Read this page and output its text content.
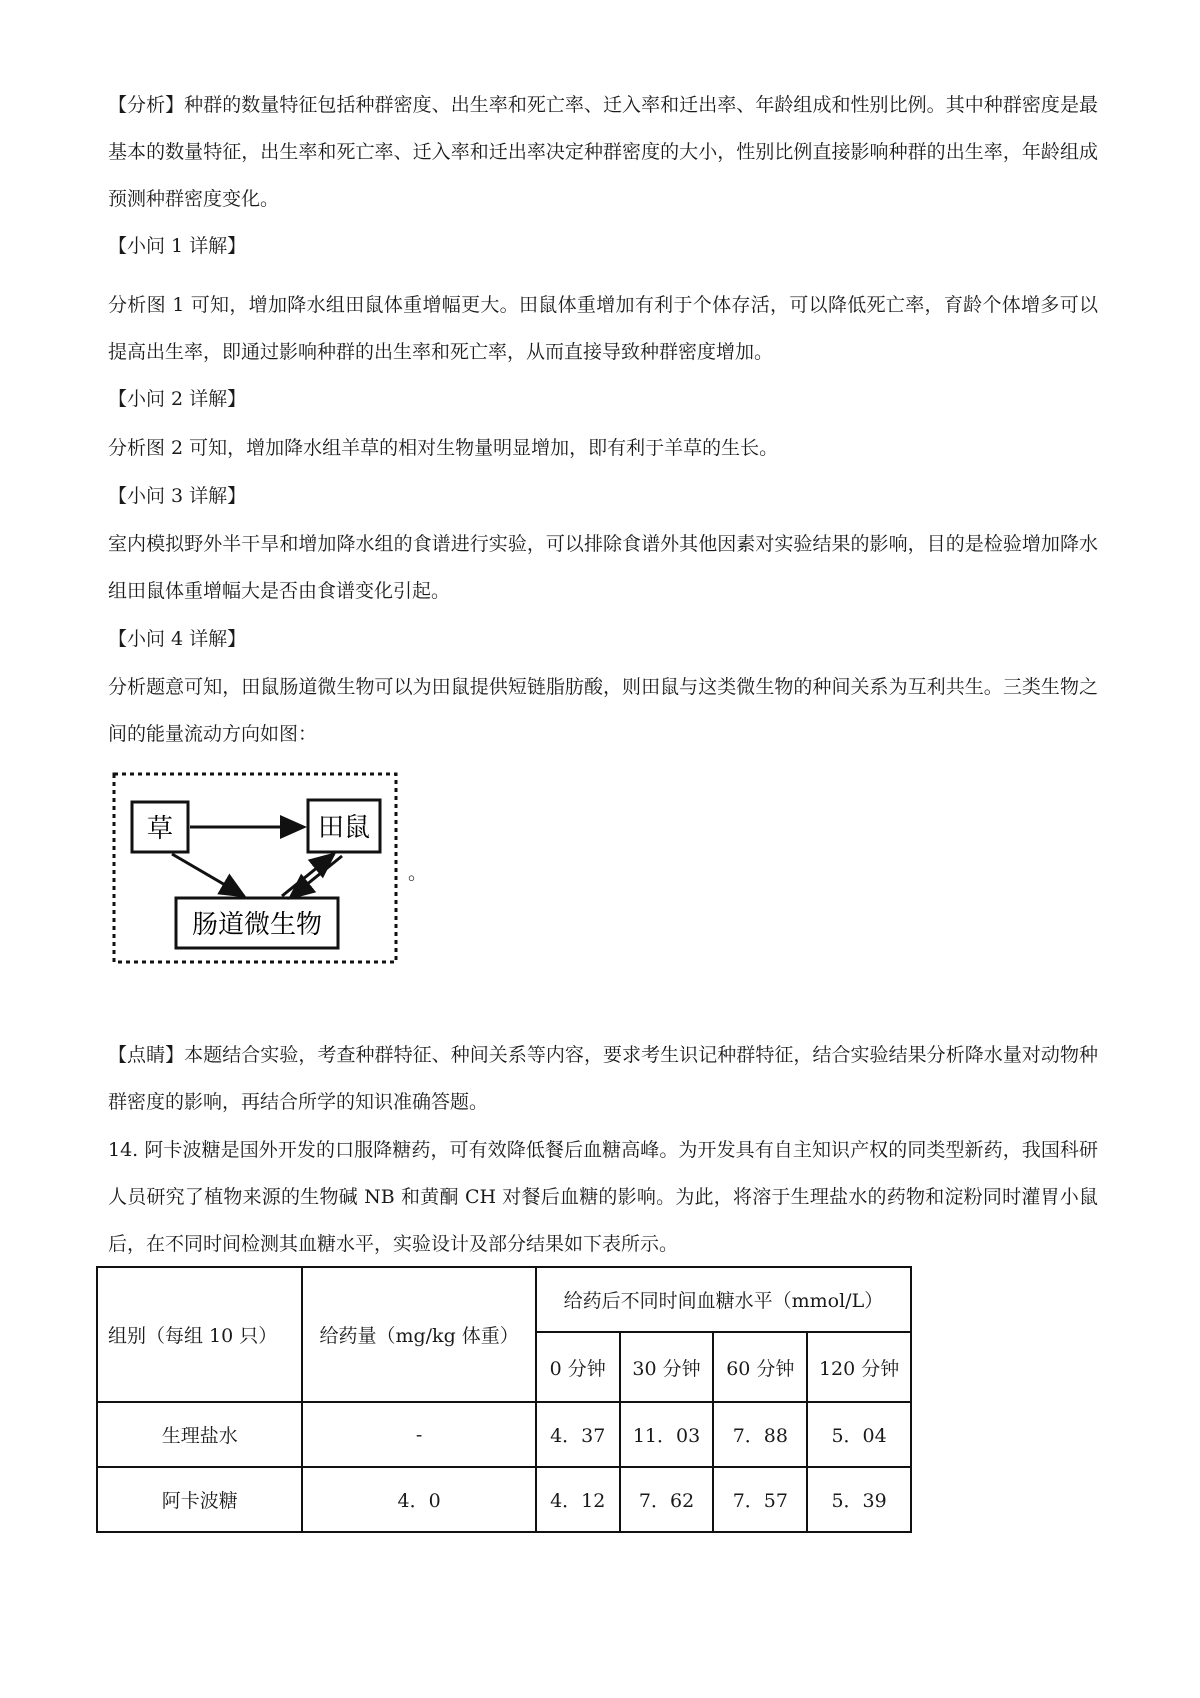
【分析】种群的数量特征包括种群密度、出生率和死亡率、迁入率和迁出率、年龄组成和性别比例。其中种群密度是最基本的数量特征，出生率和死亡率、迁入率和迁出率决定种群密度的大小，性别比例直接影响种群的出生率，年龄组成预测种群密度变化。

【小问 1 详解】

分析图 1 可知，增加降水组田鼠体重增幅更大。田鼠体重增加有利于个体存活，可以降低死亡率，育龄个体增多可以提高出生率，即通过影响种群的出生率和死亡率，从而直接导致种群密度增加。

【小问 2 详解】

分析图 2 可知，增加降水组羊草的相对生物量明显增加，即有利于羊草的生长。

【小问 3 详解】

室内模拟野外半干旱和增加降水组的食谱进行实验，可以排除食谱外其他因素对实验结果的影响，目的是检验增加降水组田鼠体重增幅大是否由食谱变化引起。

【小问 4 详解】

分析题意可知，田鼠肠道微生物可以为田鼠提供短链脂肪酸，则田鼠与这类微生物的种间关系为互利共生。三类生物之间的能量流动方向如图：

草	田鼠
肠道微生物
。

【点睛】本题结合实验，考查种群特征、种间关系等内容，要求考生识记种群特征，结合实验结果分析降水量对动物种群密度的影响，再结合所学的知识准确答题。

14. 阿卡波糖是国外开发的口服降糖药，可有效降低餐后血糖高峰。为开发具有自主知识产权的同类型新药，我国科研人员研究了植物来源的生物碱 NB 和黄酮 CH 对餐后血糖的影响。为此，将溶于生理盐水的药物和淀粉同时灌胃小鼠后，在不同时间检测其血糖水平，实验设计及部分结果如下表所示。

组别（每组 10 只）	给药量（mg/kg 体重）	给药后不同时间血糖水平（mmol/L）			
		0 分钟	30 分钟	60 分钟	120 分钟
生理盐水	-	4．37	11．03	7．88	5．04
阿卡波糖	4．0	4．12	7．62	7．57	5．39
